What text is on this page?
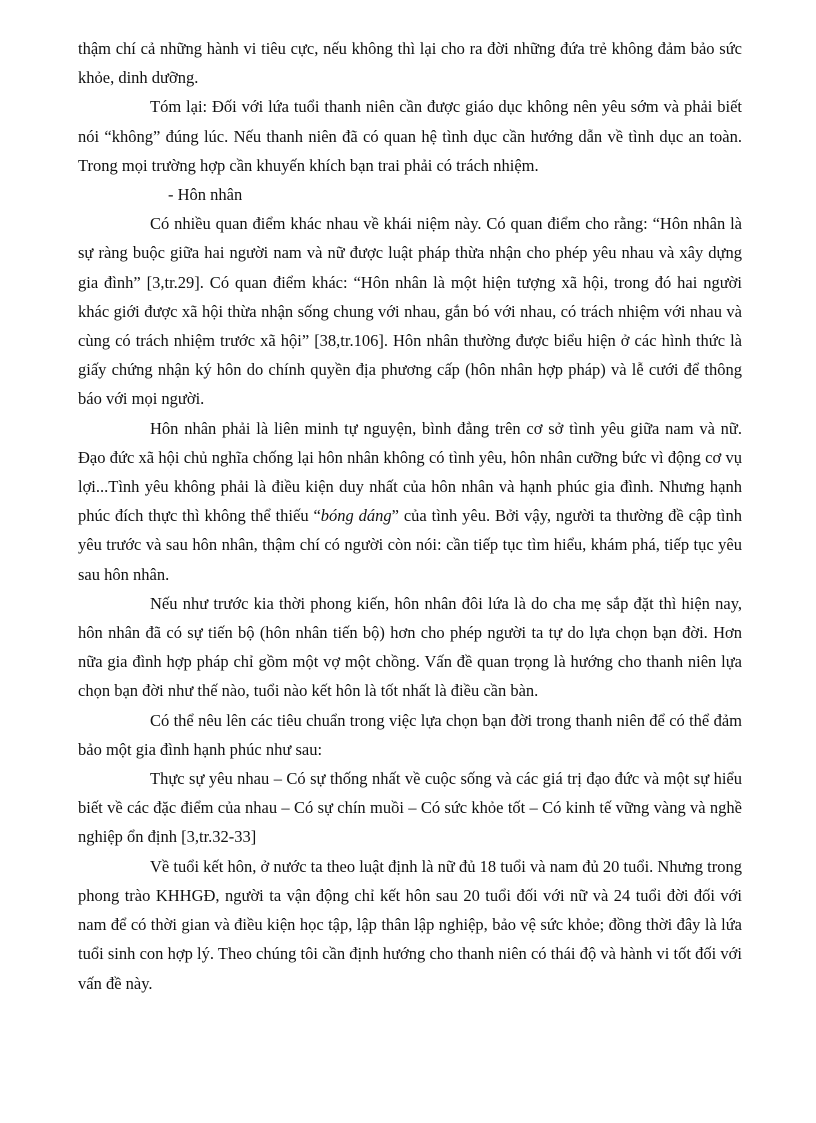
thậm chí cả những hành vi tiêu cực, nếu không thì lại cho ra đời những đứa trẻ không đảm bảo sức khỏe, dinh dưỡng.

Tóm lại: Đối với lứa tuổi thanh niên cần được giáo dục không nên yêu sớm và phải biết nói “không” đúng lúc. Nếu thanh niên đã có quan hệ tình dục cần hướng dẫn về tình dục an toàn. Trong mọi trường hợp cần khuyến khích bạn trai phải có trách nhiệm.

- Hôn nhân

Có nhiều quan điểm khác nhau về khái niệm này. Có quan điểm cho rằng: “Hôn nhân là sự ràng buộc giữa hai người nam và nữ được luật pháp thừa nhận cho phép yêu nhau và xây dựng gia đình” [3,tr.29]. Có quan điểm khác: “Hôn nhân là một hiện tượng xã hội, trong đó hai người khác giới được xã hội thừa nhận sống chung với nhau, gắn bó với nhau, có trách nhiệm với nhau và cùng có trách nhiệm trước xã hội” [38,tr.106]. Hôn nhân thường được biểu hiện ở các hình thức là giấy chứng nhận ký hôn do chính quyền địa phương cấp (hôn nhân hợp pháp) và lễ cưới để thông báo với mọi người.

Hôn nhân phải là liên minh tự nguyện, bình đẳng trên cơ sở tình yêu giữa nam và nữ. Đạo đức xã hội chủ nghĩa chống lại hôn nhân không có tình yêu, hôn nhân cưỡng bức vì động cơ vụ lợi...Tình yêu không phải là điều kiện duy nhất của hôn nhân và hạnh phúc gia đình. Nhưng hạnh phúc đích thực thì không thể thiếu “bóng dáng” của tình yêu. Bởi vậy, người ta thường đề cập tình yêu trước và sau hôn nhân, thậm chí có người còn nói: cần tiếp tục tìm hiểu, khám phá, tiếp tục yêu sau hôn nhân.

Nếu như trước kia thời phong kiến, hôn nhân đôi lứa là do cha mẹ sắp đặt thì hiện nay, hôn nhân đã có sự tiến bộ (hôn nhân tiến bộ) hơn cho phép người ta tự do lựa chọn bạn đời. Hơn nữa gia đình hợp pháp chỉ gồm một vợ một chồng. Vấn đề quan trọng là hướng cho thanh niên lựa chọn bạn đời như thế nào, tuổi nào kết hôn là tốt nhất là điều cần bàn.

Có thể nêu lên các tiêu chuẩn trong việc lựa chọn bạn đời trong thanh niên để có thể đảm bảo một gia đình hạnh phúc như sau:

Thực sự yêu nhau – Có sự thống nhất về cuộc sống và các giá trị đạo đức và một sự hiểu biết về các đặc điểm của nhau – Có sự chín muồi – Có sức khỏe tốt – Có kinh tế vững vàng và nghề nghiệp ổn định [3,tr.32-33]

Về tuổi kết hôn, ở nước ta theo luật định là nữ đủ 18 tuổi và nam đủ 20 tuổi. Nhưng trong phong trào KHHGĐ, người ta vận động chỉ kết hôn sau 20 tuổi đối với nữ và 24 tuổi đời đối với nam để có thời gian và điều kiện học tập, lập thân lập nghiệp, bảo vệ sức khỏe; đồng thời đây là lứa tuổi sinh con hợp lý. Theo chúng tôi cần định hướng cho thanh niên có thái độ và hành vi tốt đối với vấn đề này.
